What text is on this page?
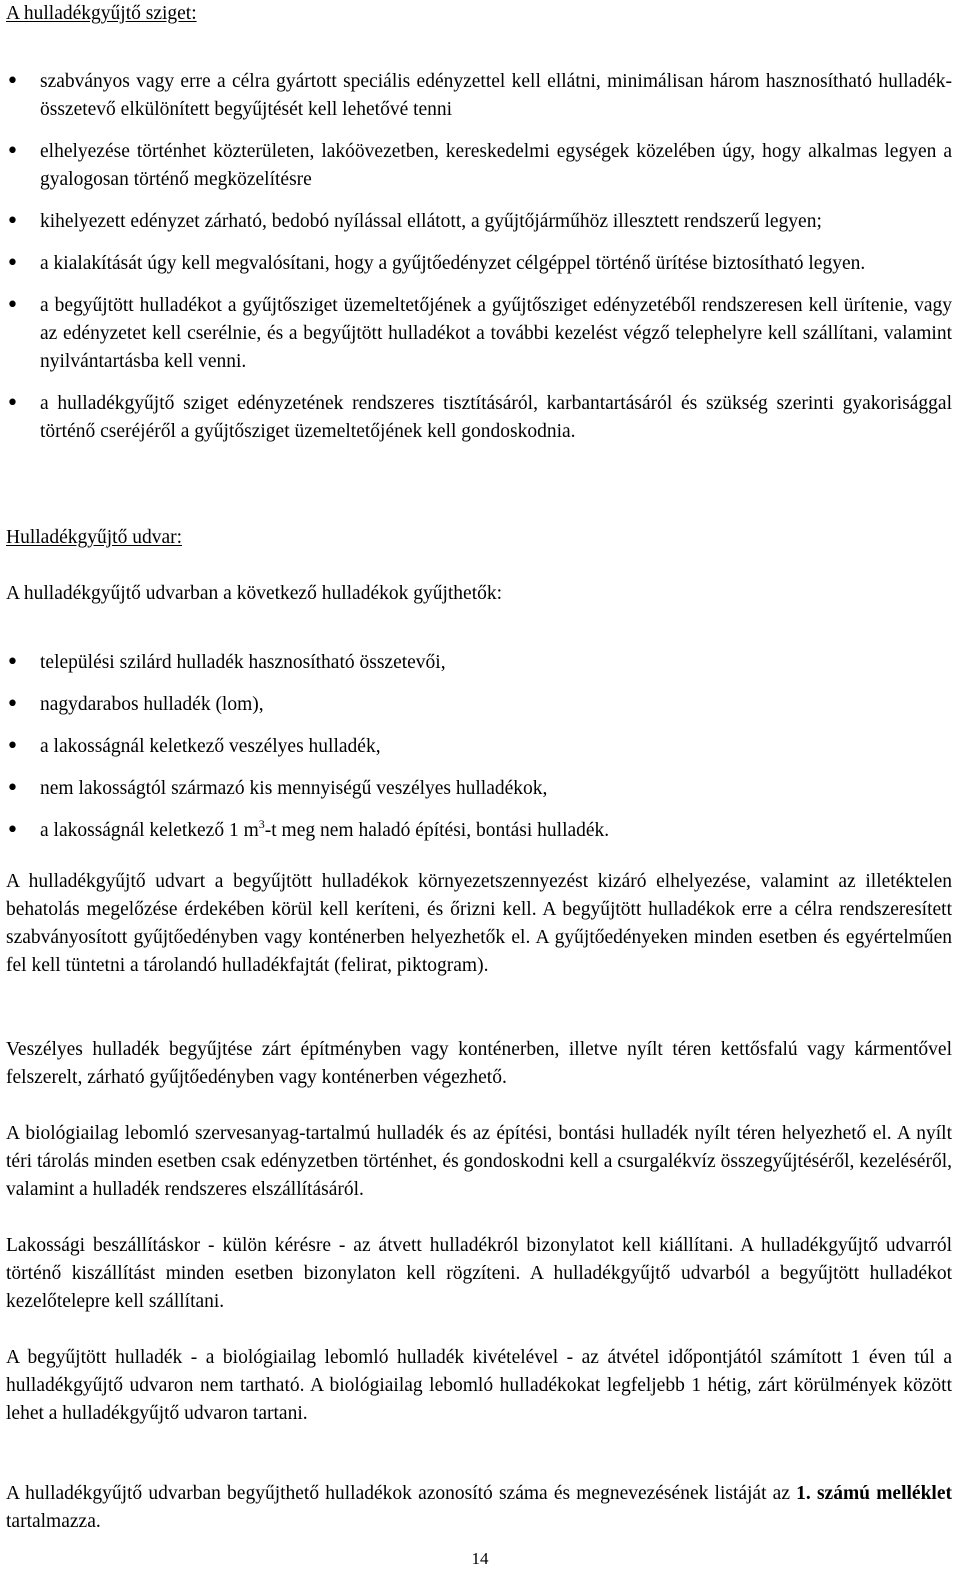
A hulladékgyűjtő sziget:

• szabványos vagy erre a célra gyártott speciális edényzettel kell ellátni, minimálisan három hasznosítható hulladék-összetevő elkülönített begyűjtését kell lehetővé tenni
• elhelyezése történhet közterületen, lakóövezetben, kereskedelmi egységek közelében úgy, hogy alkalmas legyen a gyalogosan történő megközelítésre
• kihelyezett edényzet zárható, bedobó nyílással ellátott, a gyűjtőjárműhöz illesztett rendszerű legyen;
• a kialakítását úgy kell megvalósítani, hogy a gyűjtőedényzet célgéppel történő ürítése biztosítható legyen.
• a begyűjtött hulladékot a gyűjtősziget üzemeltetőjének a gyűjtősziget edényzetéből rendszeresen kell ürítenie, vagy az edényzetet kell cserélnie, és a begyűjtött hulladékot a további kezelést végző telephelyre kell szállítani, valamint nyilvántartásba kell venni.
• a hulladékgyűjtő sziget edényzetének rendszeres tisztításáról, karbantartásáról és szükség szerinti gyakorisággal történő cseréjéről a gyűjtősziget üzemeltetőjének kell gondoskodnia.

Hulladékgyűjtő udvar:

A hulladékgyűjtő udvarban a következő hulladékok gyűjthetők:

• települési szilárd hulladék hasznosítható összetevői,
• nagydarabos hulladék (lom),
• a lakosságnál keletkező veszélyes hulladék,
• nem lakosságtól származó kis mennyiségű veszélyes hulladékok,
• a lakosságnál keletkező 1 $m^3-t$ meg nem haladó építési, bontási hulladék.

A hulladékgyűjtő udvart a begyűjtött hulladékok környezetszennyezést kizáró elhelyezése, valamint az illetéktelen behatolás megelőzése érdekében körül kell keríteni, és őrizni kell. A begyűjtött hulladékok erre a célra rendszeresített szabványosított gyűjtőedényben vagy konténerben helyezhetők el. A gyűjtőedényeken minden esetben és egyértelműen fel kell tüntetni a tárolandó hulladékfajtát (felirat, piktogram).

Veszélyes hulladék begyűjtése zárt építményben vagy konténerben, illetve nyílt téren kettősfalú vagy kármentővel felszerelt, zárható gyűjtőedényben vagy konténerben végezhető.

A biológiailag lebomló szervesanyag-tartalmú hulladék és az építési, bontási hulladék nyílt téren helyezhető el. A nyílt téri tárolás minden esetben csak edényzetben történhet, és gondoskodni kell a csurgalékvíz összegyűjtéséről, kezeléséről, valamint a hulladék rendszeres elszállításáról.

Lakossági beszállításkor - külön kérésre - az átvett hulladékról bizonylatot kell kiállítani. A hulladékgyűjtő udvarról történő kiszállítást minden esetben bizonylaton kell rögzíteni. A hulladékgyűjtő udvarból a begyűjtött hulladékot kezelőtelepre kell szállítani.

A begyűjtött hulladék - a biológiailag lebomló hulladék kivételével - az átvétel időpontjától számított 1 éven túl a hulladékgyűjtő udvaron nem tartható. A biológiailag lebomló hulladékokat legfeljebb 1 hétig, zárt körülmények között lehet a hulladékgyűjtő udvaron tartani.

A hulladékgyűjtő udvarban begyűjthető hulladékok azonosító száma és megnevezésének listáját az 1. számú melléklet tartalmazza.

14
